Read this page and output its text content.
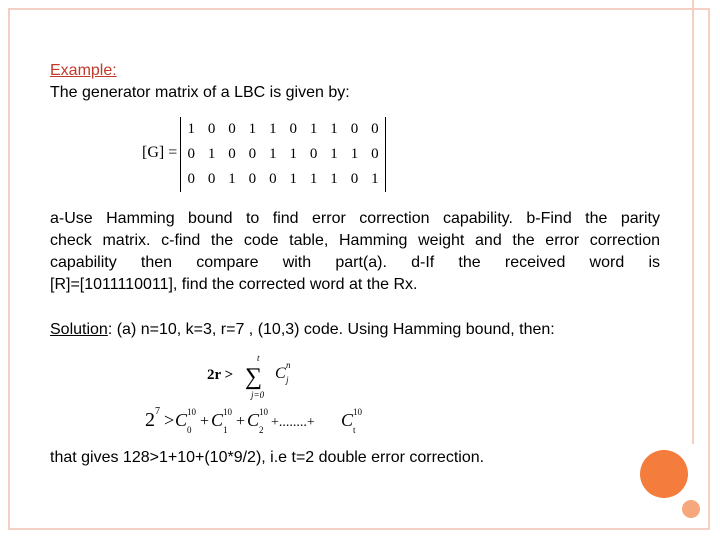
Example:
The generator matrix of a LBC is given by:
[G] =
1 0 0 1 1 0 1 1 0 0
0 1 0 0 1 1 0 1 1 0
0 0 1 0 0 1 1 1 0 1
a-Use Hamming bound to find error correction capability. b-Find the parity
check matrix. c-find the code table, Hamming weight and the error correction
capability then compare with part(a). d-If the received word is
[R]=[1011110011], find the corrected word at the Rx.
Solution: (a) n=10, k=3, r=7 , (10,3) code. Using Hamming bound, then:
2r >
t
∑
j=0
C n
j
2 7 > C 10
0 + C 10
1 + C 10
2 +........+ C 10
t
that gives 128>1+10+(10*9/2), i.e t=2 double error correction.
